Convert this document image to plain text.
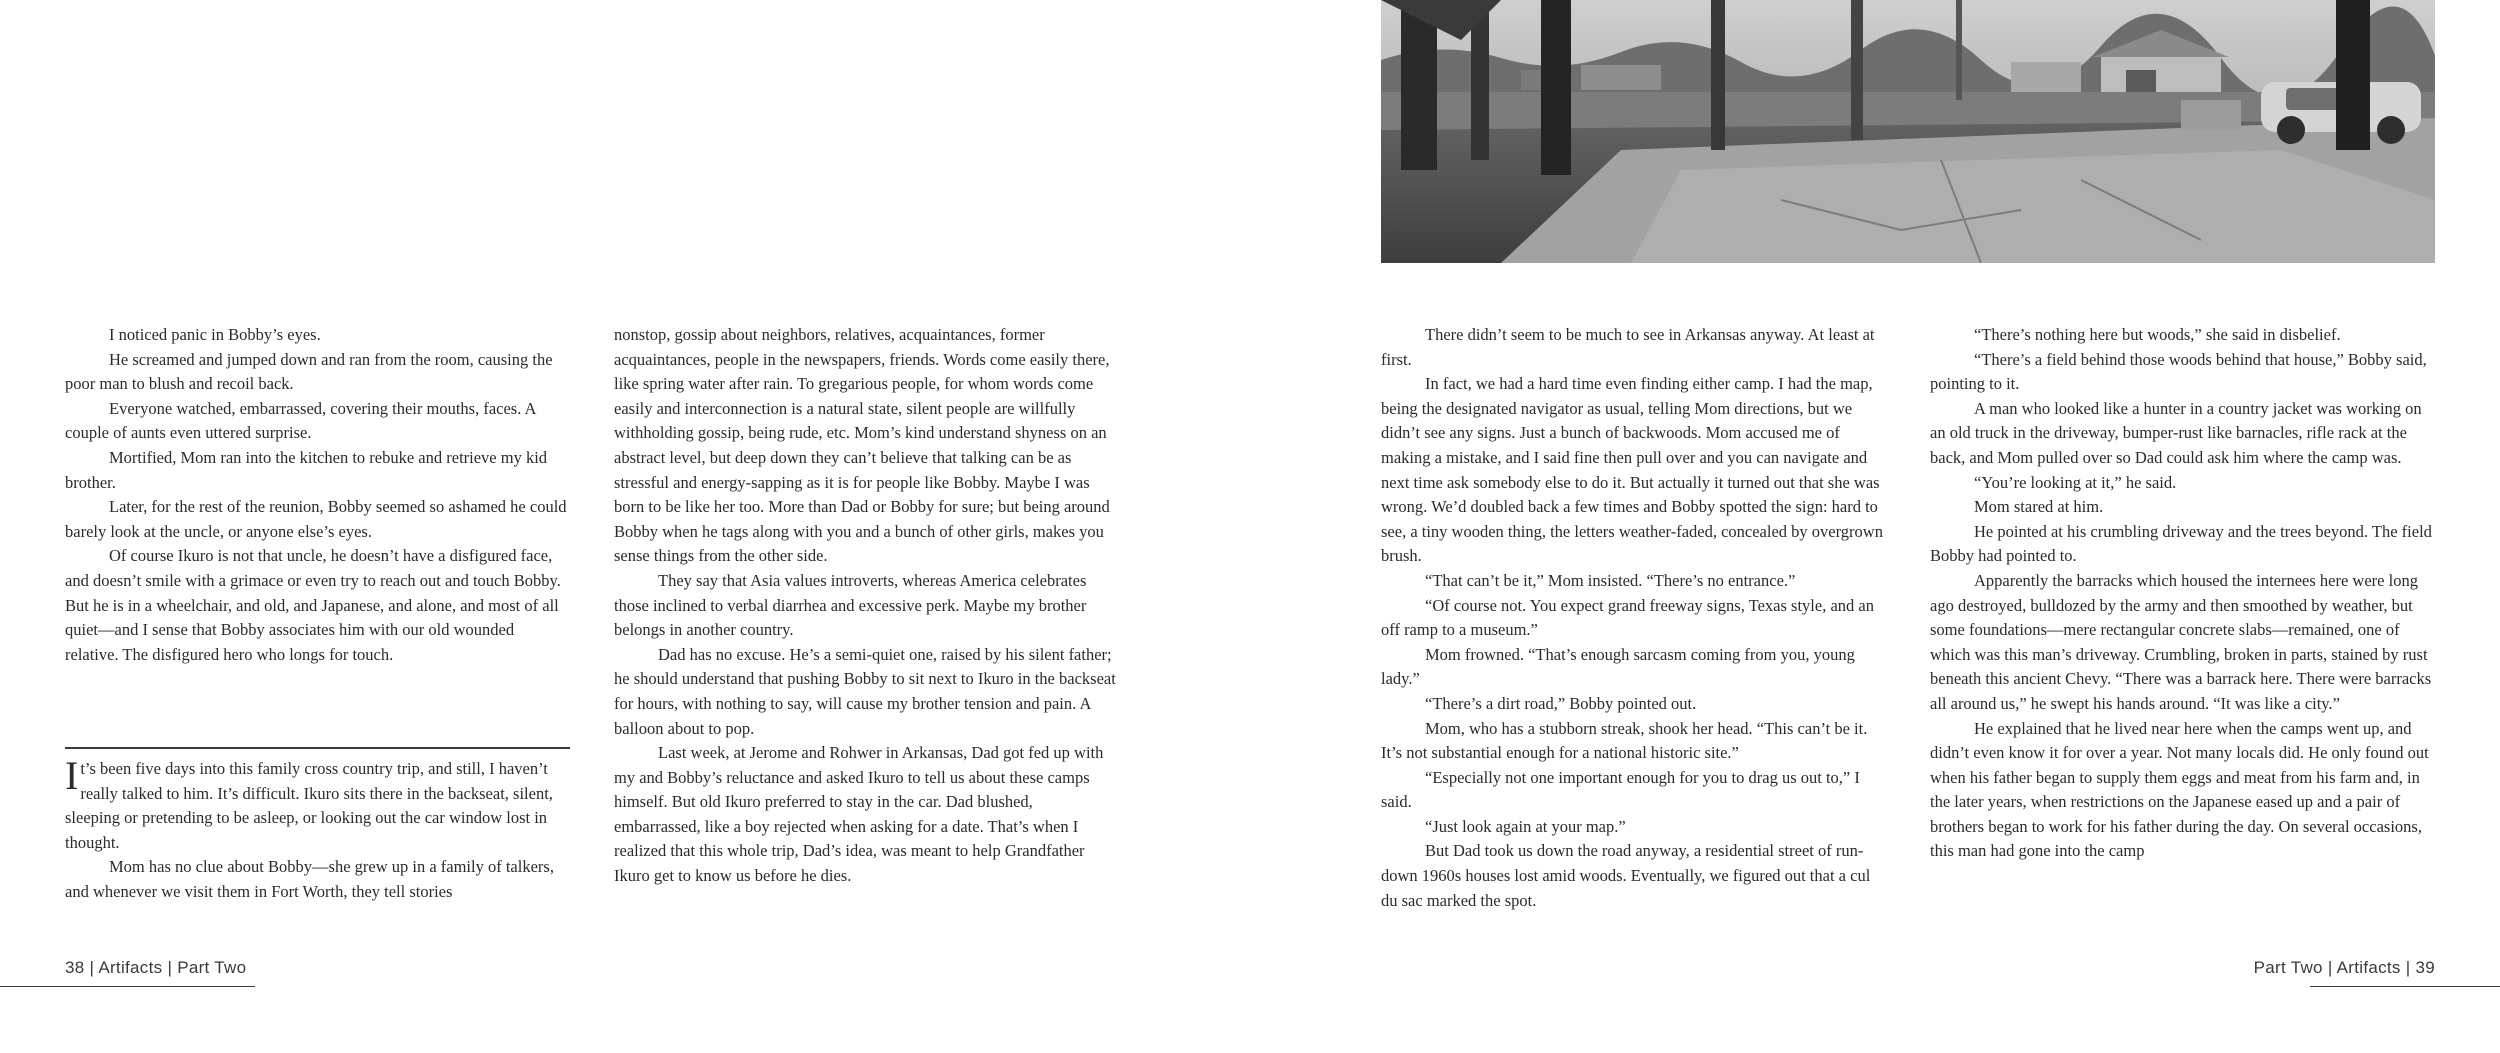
I noticed panic in Bobby’s eyes.

He screamed and jumped down and ran from the room, causing the poor man to blush and recoil back.

Everyone watched, embarrassed, covering their mouths, faces. A couple of aunts even uttered surprise.

Mortified, Mom ran into the kitchen to rebuke and retrieve my kid brother.

Later, for the rest of the reunion, Bobby seemed so ashamed he could barely look at the uncle, or anyone else’s eyes.

Of course Ikuro is not that uncle, he doesn’t have a disfigured face, and doesn’t smile with a grimace or even try to reach out and touch Bobby. But he is in a wheelchair, and old, and Japanese, and alone, and most of all quiet—and I sense that Bobby associates him with our old wounded relative. The disfigured hero who longs for touch.

It’s been five days into this family cross country trip, and still, I haven’t really talked to him. It’s difficult. Ikuro sits there in the backseat, silent, sleeping or pretending to be asleep, or looking out the car window lost in thought.

Mom has no clue about Bobby—she grew up in a family of talkers, and whenever we visit them in Fort Worth, they tell stories

nonstop, gossip about neighbors, relatives, acquaintances, former acquaintances, people in the newspapers, friends. Words come easily there, like spring water after rain. To gregarious people, for whom words come easily and interconnection is a natural state, silent people are willfully withholding gossip, being rude, etc. Mom’s kind understand shyness on an abstract level, but deep down they can’t believe that talking can be as stressful and energy-sapping as it is for people like Bobby. Maybe I was born to be like her too. More than Dad or Bobby for sure; but being around Bobby when he tags along with you and a bunch of other girls, makes you sense things from the other side.

They say that Asia values introverts, whereas America celebrates those inclined to verbal diarrhea and excessive perk. Maybe my brother belongs in another country.

Dad has no excuse. He’s a semi-quiet one, raised by his silent father; he should understand that pushing Bobby to sit next to Ikuro in the backseat for hours, with nothing to say, will cause my brother tension and pain. A balloon about to pop.

Last week, at Jerome and Rohwer in Arkansas, Dad got fed up with my and Bobby’s reluctance and asked Ikuro to tell us about these camps himself. But old Ikuro preferred to stay in the car. Dad blushed, embarrassed, like a boy rejected when asking for a date. That’s when I realized that this whole trip, Dad’s idea, was meant to help Grandfather Ikuro get to know us before he dies.

38 | Artifacts | Part Two

There didn’t seem to be much to see in Arkansas anyway. At least at first.

In fact, we had a hard time even finding either camp. I had the map, being the designated navigator as usual, telling Mom directions, but we didn’t see any signs. Just a bunch of backwoods. Mom accused me of making a mistake, and I said fine then pull over and you can navigate and next time ask somebody else to do it. But actually it turned out that she was wrong. We’d doubled back a few times and Bobby spotted the sign: hard to see, a tiny wooden thing, the letters weather-faded, concealed by overgrown brush.

“That can’t be it,” Mom insisted. “There’s no entrance.”

“Of course not. You expect grand freeway signs, Texas style, and an off ramp to a museum.”

Mom frowned. “That’s enough sarcasm coming from you, young lady.”

“There’s a dirt road,” Bobby pointed out.

Mom, who has a stubborn streak, shook her head. “This can’t be it. It’s not substantial enough for a national historic site.”

“Especially not one important enough for you to drag us out to,” I said.

“Just look again at your map.”

But Dad took us down the road anyway, a residential street of run-down 1960s houses lost amid woods. Eventually, we figured out that a cul du sac marked the spot.

“There’s nothing here but woods,” she said in disbelief.

“There’s a field behind those woods behind that house,” Bobby said, pointing to it.

A man who looked like a hunter in a country jacket was working on an old truck in the driveway, bumper-rust like barnacles, rifle rack at the back, and Mom pulled over so Dad could ask him where the camp was.

“You’re looking at it,” he said.

Mom stared at him.

He pointed at his crumbling driveway and the trees beyond. The field Bobby had pointed to.

Apparently the barracks which housed the internees here were long ago destroyed, bulldozed by the army and then smoothed by weather, but some foundations—mere rectangular concrete slabs—remained, one of which was this man’s driveway. Crumbling, broken in parts, stained by rust beneath this ancient Chevy. “There was a barrack here. There were barracks all around us,” he swept his hands around. “It was like a city.”

He explained that he lived near here when the camps went up, and didn’t even know it for over a year. Not many locals did. He only found out when his father began to supply them eggs and meat from his farm and, in the later years, when restrictions on the Japanese eased up and a pair of brothers began to work for his father during the day. On several occasions, this man had gone into the camp

Part Two | Artifacts | 39
